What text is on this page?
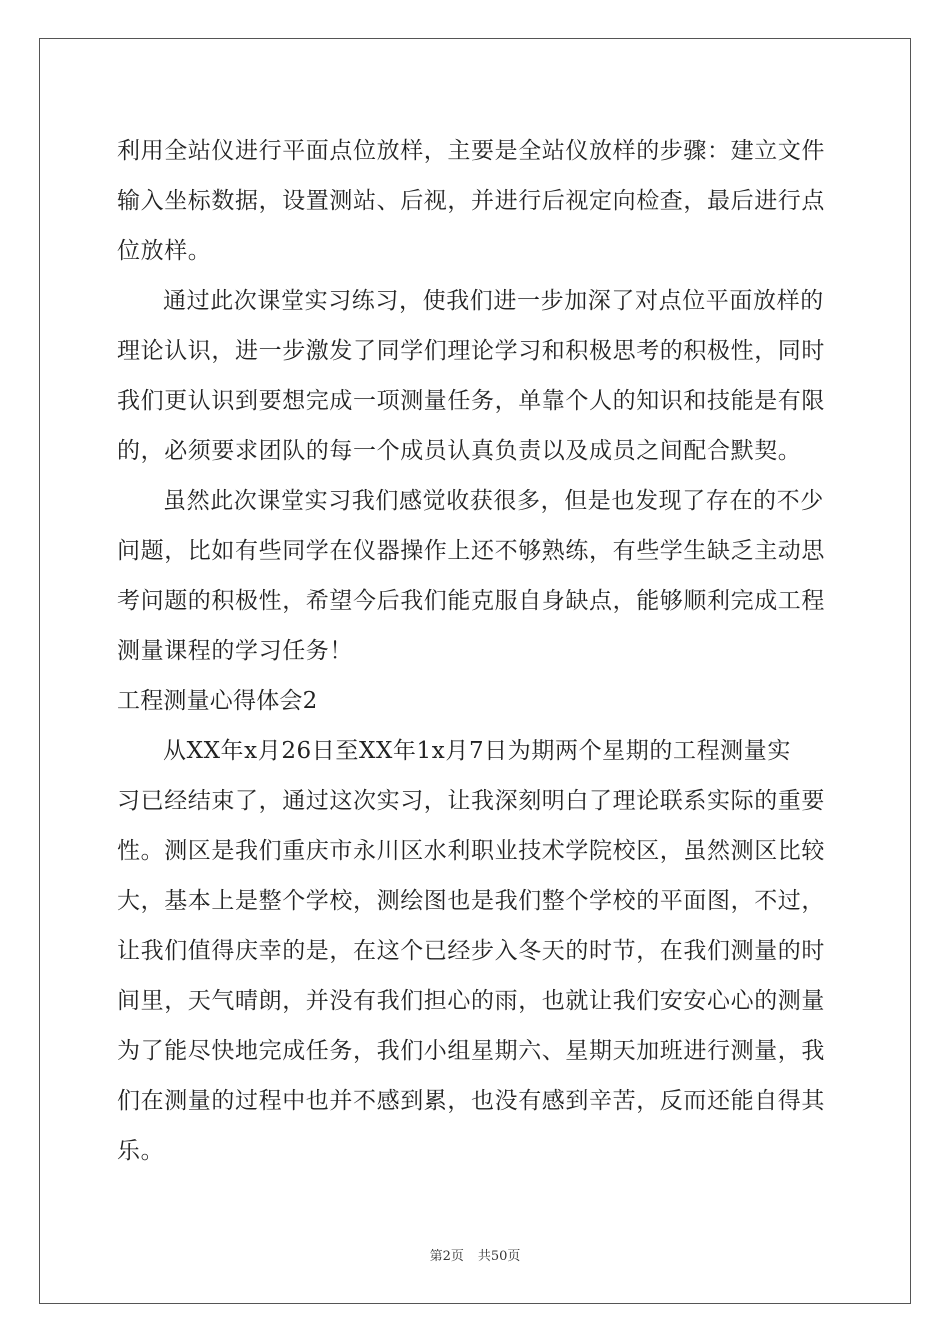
利用全站仪进行平面点位放样，主要是全站仪放样的步骤：建立文件
输入坐标数据，设置测站、后视，并进行后视定向检查，最后进行点
位放样。
通过此次课堂实习练习，使我们进一步加深了对点位平面放样的
理论认识，进一步激发了同学们理论学习和积极思考的积极性，同时
我们更认识到要想完成一项测量任务，单靠个人的知识和技能是有限
的，必须要求团队的每一个成员认真负责以及成员之间配合默契。
虽然此次课堂实习我们感觉收获很多，但是也发现了存在的不少
问题，比如有些同学在仪器操作上还不够熟练，有些学生缺乏主动思
考问题的积极性，希望今后我们能克服自身缺点，能够顺利完成工程
测量课程的学习任务！
工程测量心得体会2
从XX年x月26日至XX年1x月7日为期两个星期的工程测量实
习已经结束了，通过这次实习，让我深刻明白了理论联系实际的重要
性。测区是我们重庆市永川区水利职业技术学院校区，虽然测区比较
大，基本上是整个学校，测绘图也是我们整个学校的平面图，不过，
让我们值得庆幸的是，在这个已经步入冬天的时节，在我们测量的时
间里，天气晴朗，并没有我们担心的雨，也就让我们安安心心的测量
为了能尽快地完成任务，我们小组星期六、星期天加班进行测量，我
们在测量的过程中也并不感到累，也没有感到辛苦，反而还能自得其
乐。
第2页 共50页
